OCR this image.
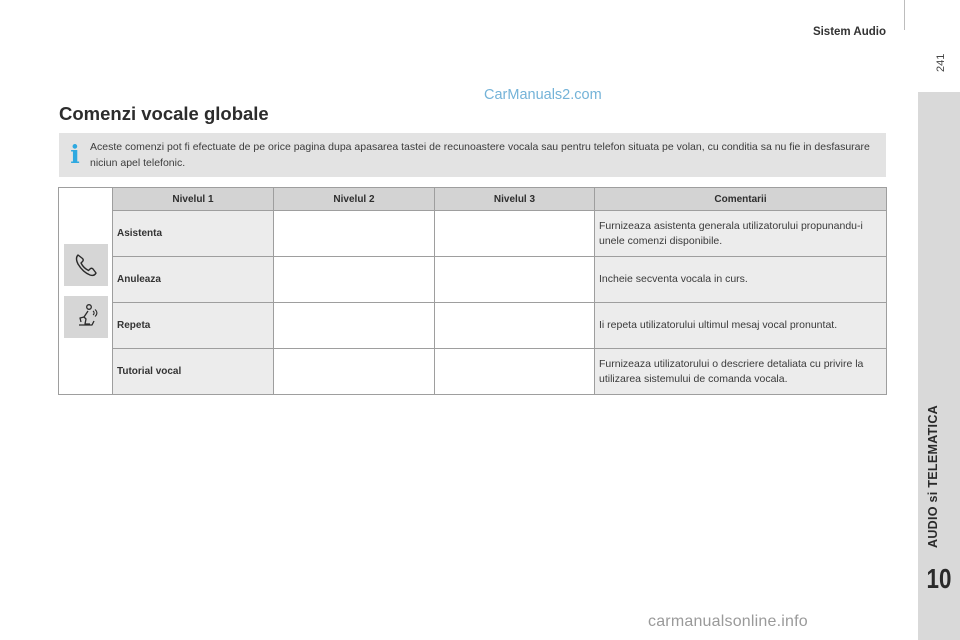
Sistem Audio
241
AUDIO si TELEMATICA
10
CarManuals2.com
Comenzi vocale globale
i Aceste comenzi pot fi efectuate de pe orice pagina dupa apasarea tastei de recunoastere vocala sau pentru telefon situata pe volan, cu conditia sa nu fie in desfasurare niciun apel telefonic.
	Nivelul 1	Nivelul 2	Nivelul 3	Comentarii
	Asistenta			Furnizeaza asistenta generala utilizatorului propunandu-i unele comenzi disponibile.
	Anuleaza			Incheie secventa vocala in curs.
	Repeta			Ii repeta utilizatorului ultimul mesaj vocal pronuntat.
	Tutorial vocal			Furnizeaza utilizatorului o descriere detaliata cu privire la utilizarea sistemului de comanda vocala.
carmanualsonline.info
